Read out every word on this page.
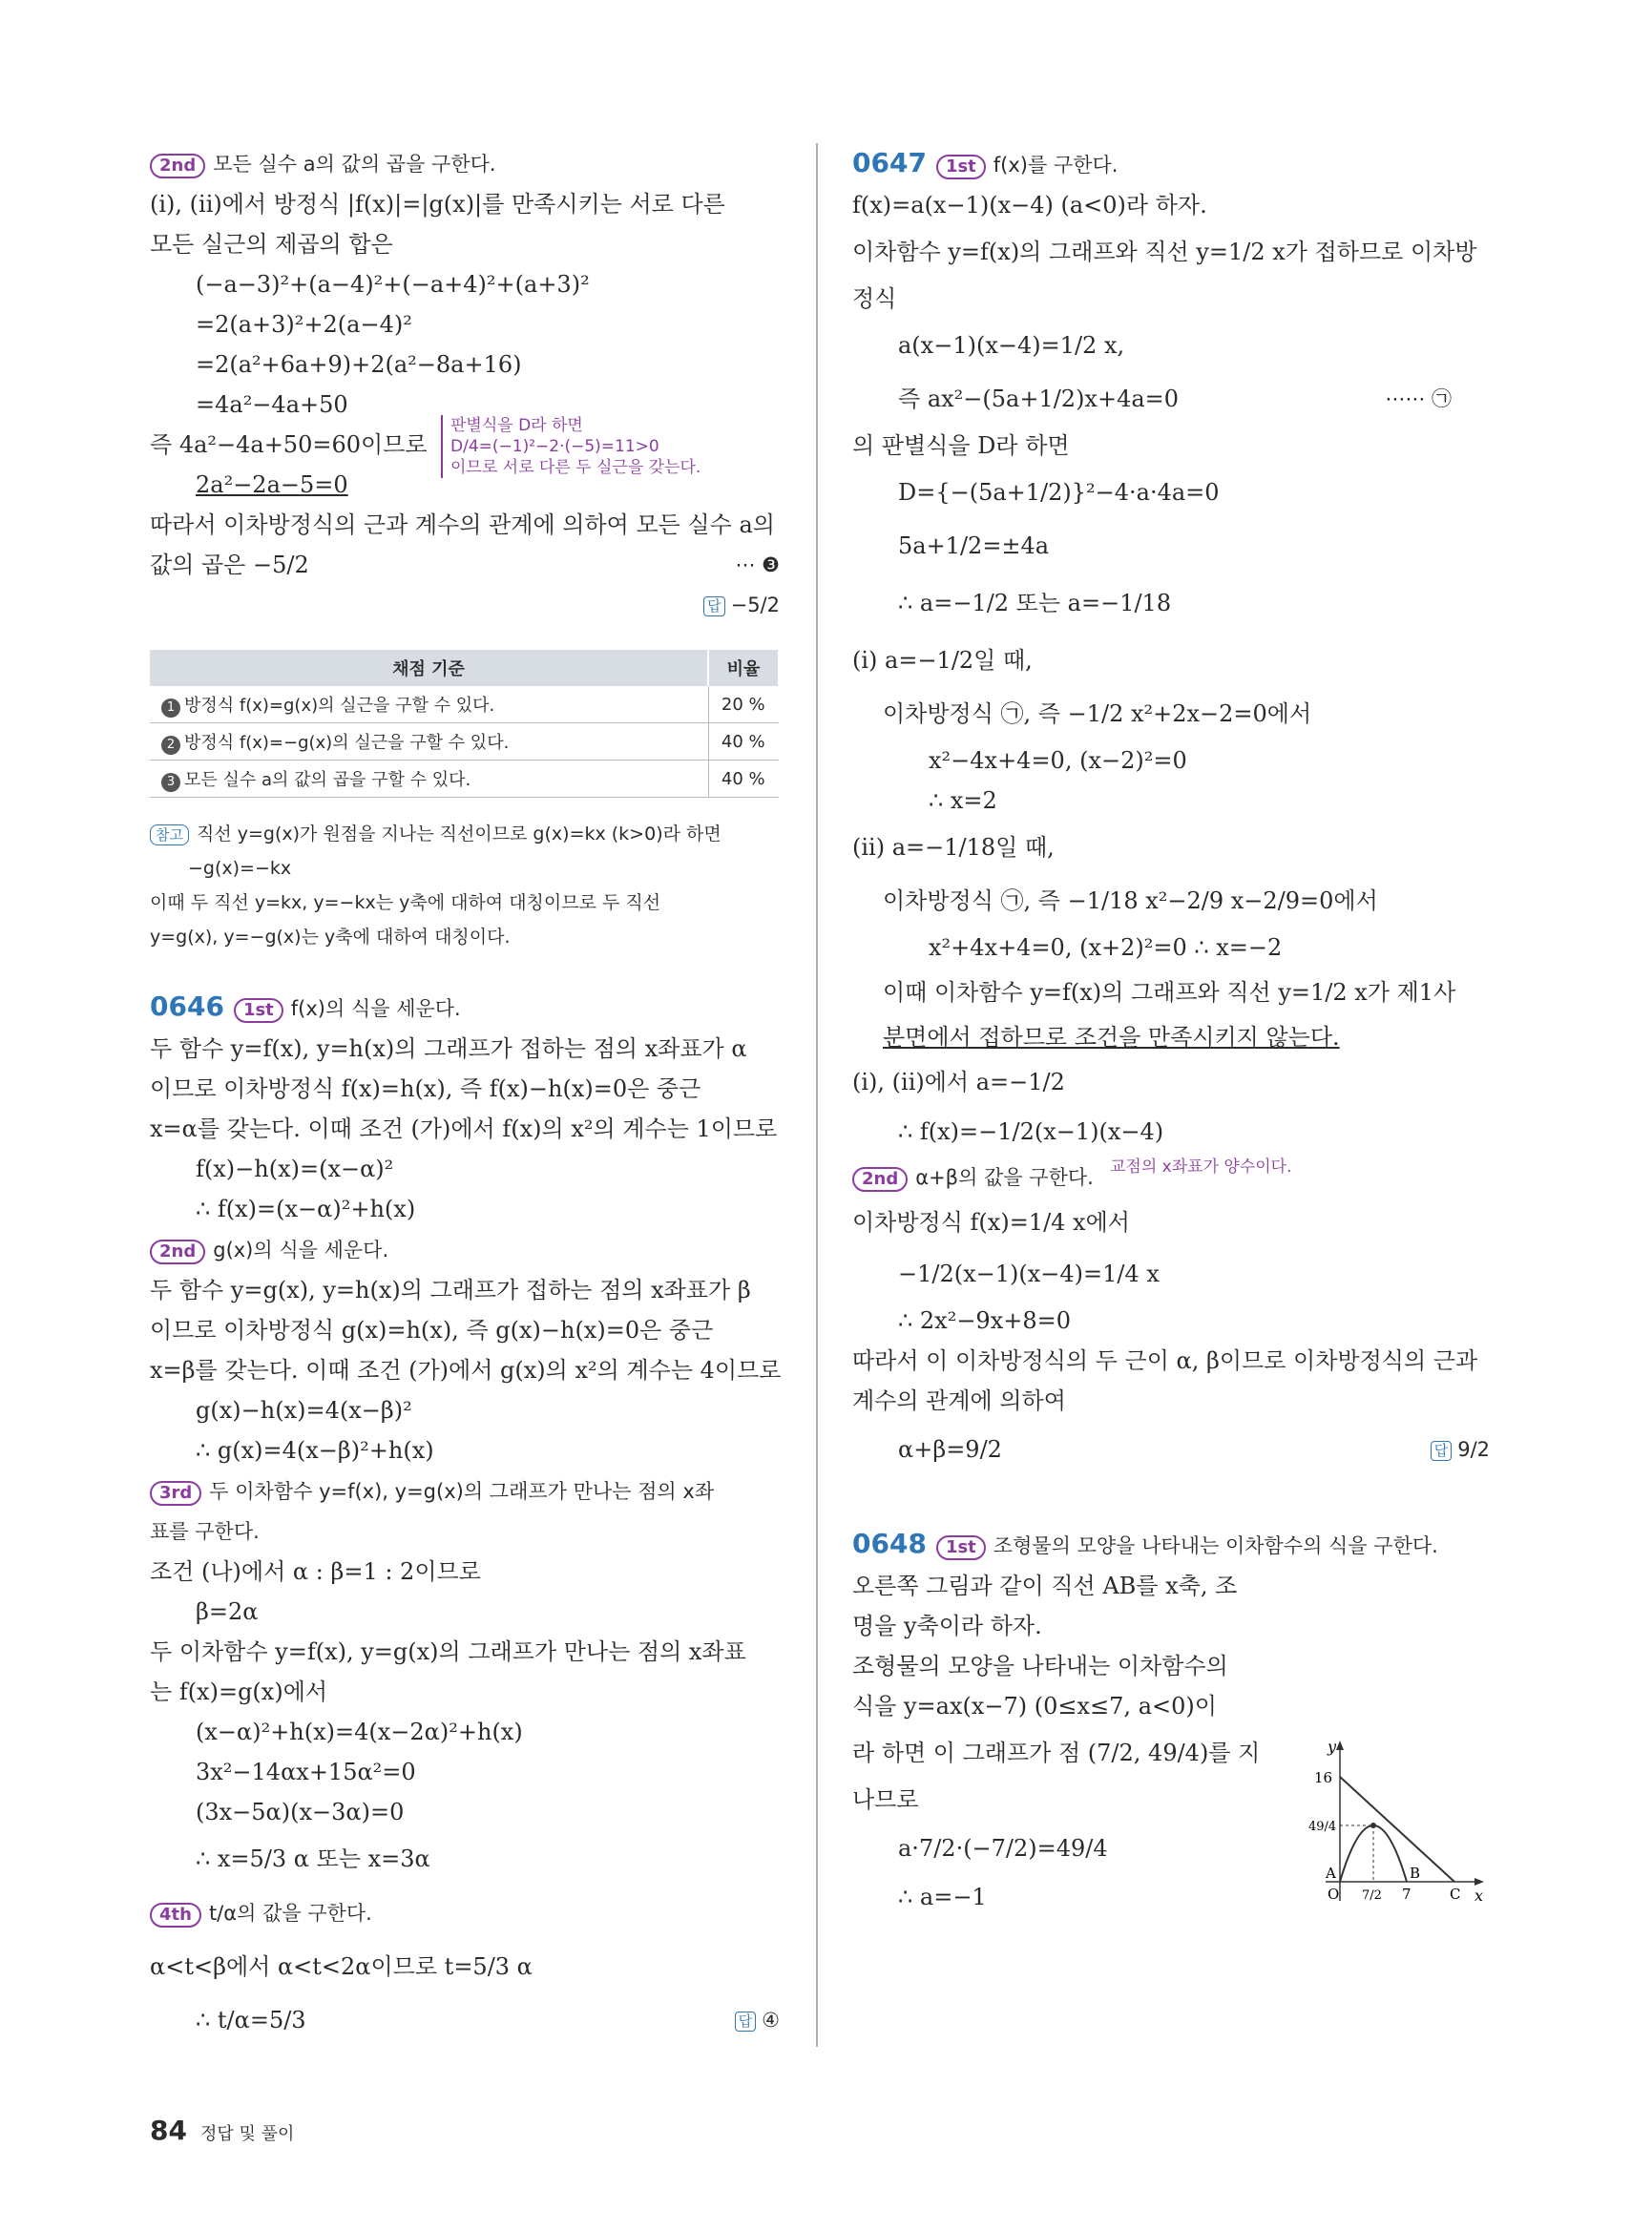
2nd 모든 실수 a의 값의 곱을 구한다.
(i), (ii)에서 방정식 |f(x)|=|g(x)|를 만족시키는 서로 다른
모든 실근의 제곱의 합은
(−a−3)²+(a−4)²+(−a+4)²+(a+3)²
=2(a+3)²+2(a−4)²
=2(a²+6a+9)+2(a²−8a+16)
=4a²−4a+50
즉 4a²−4a+50=60이므로
2a²−2a−5=0
판별식을 D라 하면
D/4=(−1)²−2·(−5)=11>0
이므로 서로 다른 두 실근을 갖는다.
따라서 이차방정식의 근과 계수의 관계에 의하여 모든 실수 a의
값의 곱은 −5/2	⋯ ❸
답 −5/2
채점 기준	비율
1 방정식 f(x)=g(x)의 실근을 구할 수 있다.	20 %
2 방정식 f(x)=−g(x)의 실근을 구할 수 있다.	40 %
3 모든 실수 a의 값의 곱을 구할 수 있다.	40 %
참고 직선 y=g(x)가 원점을 지나는 직선이므로 g(x)=kx (k>0)라 하면
−g(x)=−kx
이때 두 직선 y=kx, y=−kx는 y축에 대하여 대칭이므로 두 직선
y=g(x), y=−g(x)는 y축에 대하여 대칭이다.
0646 1st f(x)의 식을 세운다.
두 함수 y=f(x), y=h(x)의 그래프가 접하는 점의 x좌표가 α
이므로 이차방정식 f(x)=h(x), 즉 f(x)−h(x)=0은 중근
x=α를 갖는다. 이때 조건 (가)에서 f(x)의 x²의 계수는 1이므로
f(x)−h(x)=(x−α)²
∴ f(x)=(x−α)²+h(x)
2nd g(x)의 식을 세운다.
두 함수 y=g(x), y=h(x)의 그래프가 접하는 점의 x좌표가 β
이므로 이차방정식 g(x)=h(x), 즉 g(x)−h(x)=0은 중근
x=β를 갖는다. 이때 조건 (가)에서 g(x)의 x²의 계수는 4이므로
g(x)−h(x)=4(x−β)²
∴ g(x)=4(x−β)²+h(x)
3rd 두 이차함수 y=f(x), y=g(x)의 그래프가 만나는 점의 x좌
표를 구한다.
조건 (나)에서 α : β=1 : 2이므로
β=2α
두 이차함수 y=f(x), y=g(x)의 그래프가 만나는 점의 x좌표
는 f(x)=g(x)에서
(x−α)²+h(x)=4(x−2α)²+h(x)
3x²−14αx+15α²=0
(3x−5α)(x−3α)=0
∴ x=5/3 α 또는 x=3α
4th t/α의 값을 구한다.
α<t<β에서 α<t<2α이므로 t=5/3 α
∴ t/α=5/3	답 ④
0647 1st f(x)를 구한다.
f(x)=a(x−1)(x−4) (a<0)라 하자.
이차함수 y=f(x)의 그래프와 직선 y=1/2 x가 접하므로 이차방
정식
a(x−1)(x−4)=1/2 x,
즉 ax²−(5a+1/2)x+4a=0	⋯⋯ ㉠
의 판별식을 D라 하면
D={−(5a+1/2)}²−4·a·4a=0
5a+1/2=±4a
∴ a=−1/2 또는 a=−1/18
(i) a=−1/2일 때,
이차방정식 ㉠, 즉 −1/2 x²+2x−2=0에서
x²−4x+4=0, (x−2)²=0
∴ x=2
(ii) a=−1/18일 때,
이차방정식 ㉠, 즉 −1/18 x²−2/9 x−2/9=0에서
x²+4x+4=0, (x+2)²=0 ∴ x=−2
이때 이차함수 y=f(x)의 그래프와 직선 y=1/2 x가 제1사
분면에서 접하므로 조건을 만족시키지 않는다.
교점의 x좌표가 양수이다.
(i), (ii)에서 a=−1/2
∴ f(x)=−1/2(x−1)(x−4)
2nd α+β의 값을 구한다.
이차방정식 f(x)=1/4 x에서
−1/2(x−1)(x−4)=1/4 x
∴ 2x²−9x+8=0
따라서 이 이차방정식의 두 근이 α, β이므로 이차방정식의 근과
계수의 관계에 의하여
α+β=9/2	답 9/2
0648 1st 조형물의 모양을 나타내는 이차함수의 식을 구한다.
오른쪽 그림과 같이 직선 AB를 x축, 조
명을 y축이라 하자.
조형물의 모양을 나타내는 이차함수의
식을 y=ax(x−7) (0≤x≤7, a<0)이
라 하면 이 그래프가 점 (7/2, 49/4)를 지
나므로
a·7/2·(−7/2)=49/4
∴ a=−1
y
x
16
49/4
A	B
C
O 7/2 7
84 정답 및 풀이
